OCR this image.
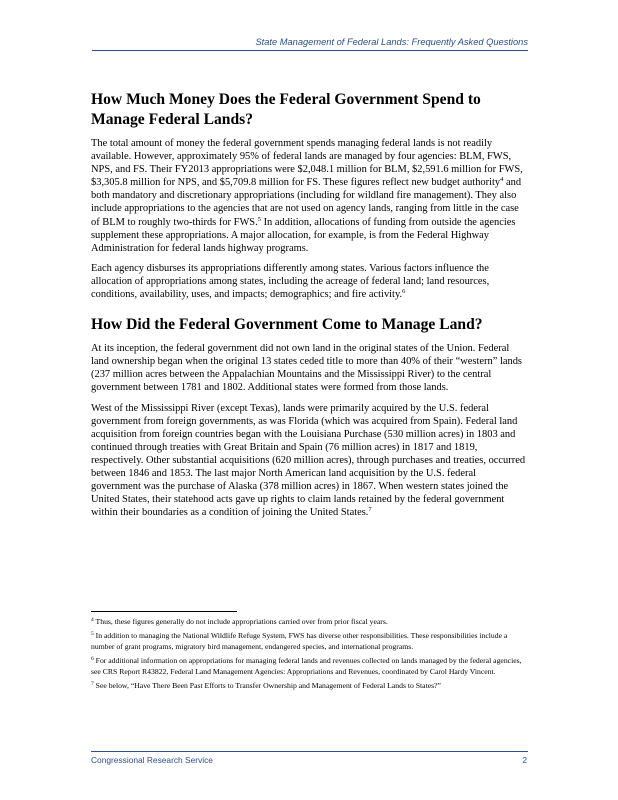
State Management of Federal Lands: Frequently Asked Questions
How Much Money Does the Federal Government Spend to Manage Federal Lands?

The total amount of money the federal government spends managing federal lands is not readily available. However, approximately 95% of federal lands are managed by four agencies: BLM, FWS, NPS, and FS. Their FY2013 appropriations were $2,048.1 million for BLM, $2,591.6 million for FWS, $3,305.8 million for NPS, and $5,709.8 million for FS. These figures reflect new budget authority$^4$ and both mandatory and discretionary appropriations (including for wildland fire management). They also include appropriations to the agencies that are not used on agency lands, ranging from little in the case of BLM to roughly two-thirds for FWS.$^5$ In addition, allocations of funding from outside the agencies supplement these appropriations. A major allocation, for example, is from the Federal Highway Administration for federal lands highway programs.

Each agency disburses its appropriations differently among states. Various factors influence the allocation of appropriations among states, including the acreage of federal land; land resources, conditions, availability, uses, and impacts; demographics; and fire activity.$^6$

How Did the Federal Government Come to Manage Land?

At its inception, the federal government did not own land in the original states of the Union. Federal land ownership began when the original 13 states ceded title to more than 40% of their “western” lands (237 million acres between the Appalachian Mountains and the Mississippi River) to the central government between 1781 and 1802. Additional states were formed from those lands.

West of the Mississippi River (except Texas), lands were primarily acquired by the U.S. federal government from foreign governments, as was Florida (which was acquired from Spain). Federal land acquisition from foreign countries began with the Louisiana Purchase (530 million acres) in 1803 and continued through treaties with Great Britain and Spain (76 million acres) in 1817 and 1819, respectively. Other substantial acquisitions (620 million acres), through purchases and treaties, occurred between 1846 and 1853. The last major North American land acquisition by the U.S. federal government was the purchase of Alaska (378 million acres) in 1867. When western states joined the United States, their statehood acts gave up rights to claim lands retained by the federal government within their boundaries as a condition of joining the United States.$^7$

$^4$ Thus, these figures generally do not include appropriations carried over from prior fiscal years.

$^5$ In addition to managing the National Wildlife Refuge System, FWS has diverse other responsibilities. These responsibilities include a number of grant programs, migratory bird management, endangered species, and international programs.

$^6$ For additional information on appropriations for managing federal lands and revenues collected on lands managed by the federal agencies, see CRS Report R43822, Federal Land Management Agencies: Appropriations and Revenues, coordinated by Carol Hardy Vincent.

$^7$ See below, “Have There Been Past Efforts to Transfer Ownership and Management of Federal Lands to States?”

Congressional Research Service	2
